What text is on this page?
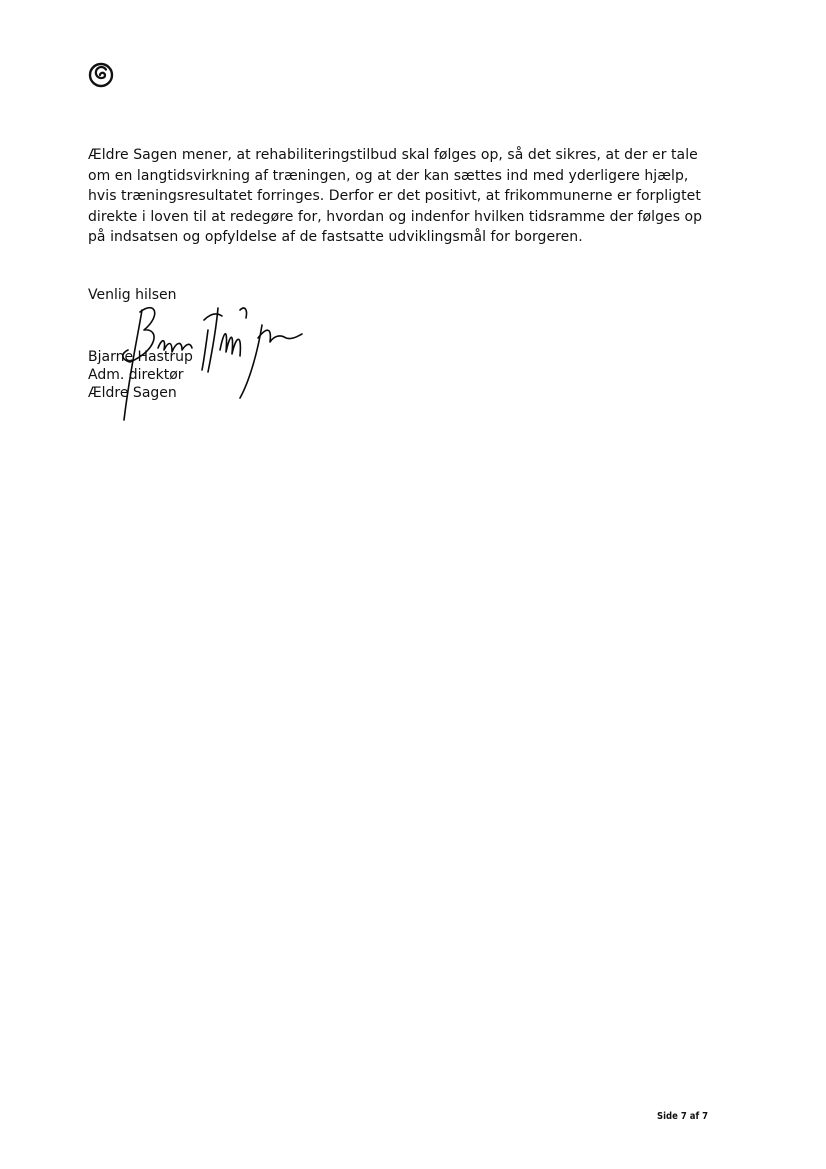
Ældre Sagen mener, at rehabiliteringstilbud skal følges op, så det sikres, at der er tale
om en langtidsvirkning af træningen, og at der kan sættes ind med yderligere hjælp,
hvis træningsresultatet forringes. Derfor er det positivt, at frikommunerne er forpligtet
direkte i loven til at redegøre for, hvordan og indenfor hvilken tidsramme der følges op
på indsatsen og opfyldelse af de fastsatte udviklingsmål for borgeren.
Venlig hilsen
Bjarne Hastrup
Adm. direktør
Ældre Sagen
Side 7 af 7
